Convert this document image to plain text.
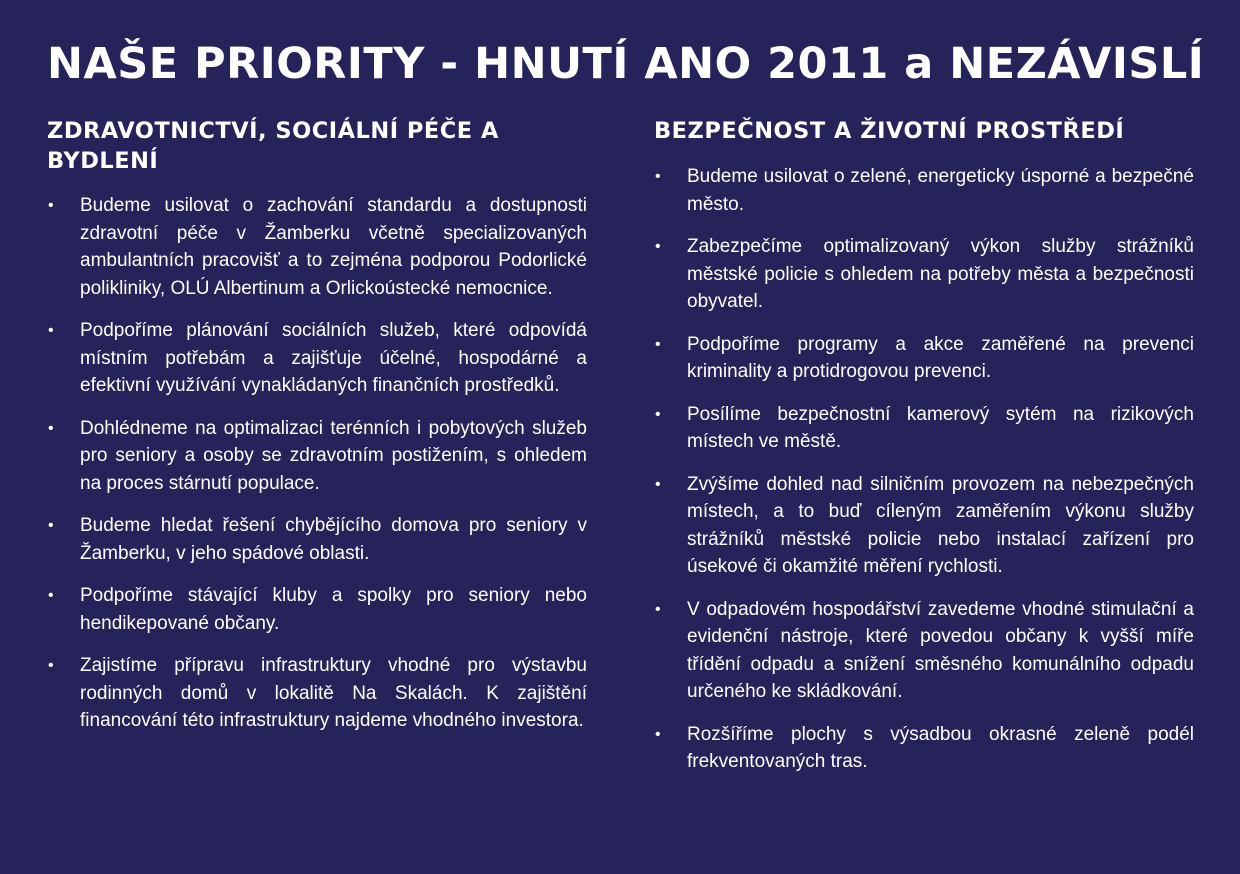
NAŠE PRIORITY - HNUTÍ ANO 2011 a NEZÁVISLÍ
ZDRAVOTNICTVÍ, SOCIÁLNÍ PÉČE A BYDLENÍ
• Budeme usilovat o zachování standardu a dostupnosti zdravotní péče v Žamberku včetně specializovaných ambulantních pracovišť a to zejména podporou Podorlické polikliniky, OLÚ Albertinum a Orlickoústecké nemocnice.
• Podpoříme plánování sociálních služeb, které odpovídá místním potřebám a zajišťuje účelné, hospodárné a efektivní využívání vynakládaných finančních prostředků.
• Dohlédneme na optimalizaci terénních i pobytových služeb pro seniory a osoby se zdravotním postižením, s ohledem na proces stárnutí populace.
• Budeme hledat řešení chybějícího domova pro seniory v Žamberku, v jeho spádové oblasti.
• Podpoříme stávající kluby a spolky pro seniory nebo hendikepované občany.
• Zajistíme přípravu infrastruktury vhodné pro výstavbu rodinných domů v lokalitě Na Skalách. K zajištění financování této infrastruktury najdeme vhodného investora.
BEZPEČNOST A ŽIVOTNÍ PROSTŘEDÍ
• Budeme usilovat o zelené, energeticky úsporné a bezpečné město.
• Zabezpečíme optimalizovaný výkon služby strážníků městské policie s ohledem na potřeby města a bezpečnosti obyvatel.
• Podpoříme programy a akce zaměřené na prevenci kriminality a protidrogovou prevenci.
• Posílíme bezpečnostní kamerový sytém na rizikových místech ve městě.
• Zvýšíme dohled nad silničním provozem na nebezpečných místech, a to buď cíleným zaměřením výkonu služby strážníků městské policie nebo instalací zařízení pro úsekové či okamžité měření rychlosti.
• V odpadovém hospodářství zavedeme vhodné stimulační a evidenční nástroje, které povedou občany k vyšší míře třídění odpadu a snížení směsného komunálního odpadu určeného ke skládkování.
• Rozšíříme plochy s výsadbou okrasné zeleně podél frekventovaných tras.
